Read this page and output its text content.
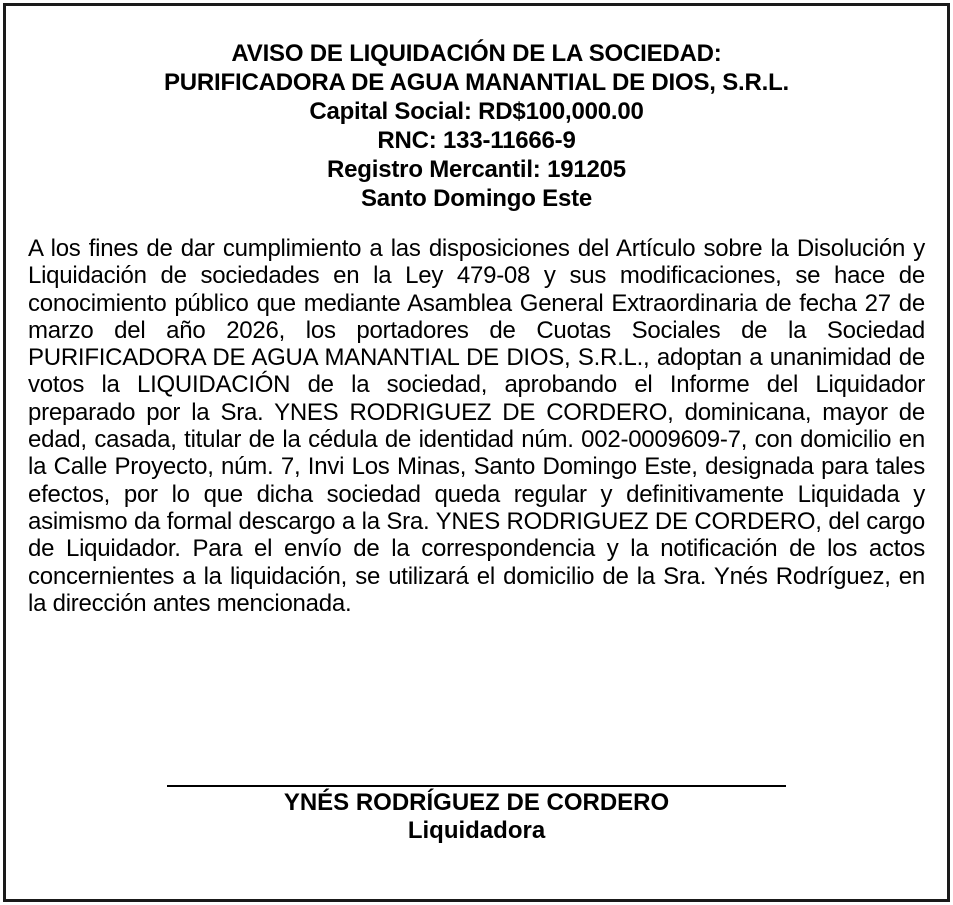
AVISO DE LIQUIDACIÓN DE LA SOCIEDAD:
PURIFICADORA DE AGUA MANANTIAL DE DIOS, S.R.L.
Capital Social: RD$100,000.00
RNC: 133-11666-9
Registro Mercantil: 191205
Santo Domingo Este
A los fines de dar cumplimiento a las disposiciones del Artículo sobre la Disolución y Liquidación de sociedades en la Ley 479-08 y sus modificaciones, se hace de conocimiento público que mediante Asamblea General Extraordinaria de fecha 27 de marzo del año 2026, los portadores de Cuotas Sociales de la Sociedad PURIFICADORA DE AGUA MANANTIAL DE DIOS, S.R.L., adoptan a unanimidad de votos la LIQUIDACIÓN de la sociedad, aprobando el Informe del Liquidador preparado por la Sra. YNES RODRIGUEZ DE CORDERO, dominicana, mayor de edad, casada, titular de la cédula de identidad núm. 002-0009609-7, con domicilio en la Calle Proyecto, núm. 7, Invi Los Minas, Santo Domingo Este, designada para tales efectos, por lo que dicha sociedad queda regular y definitivamente Liquidada y asimismo da formal descargo a la Sra. YNES RODRIGUEZ DE CORDERO, del cargo de Liquidador. Para el envío de la correspondencia y la notificación de los actos concernientes a la liquidación, se utilizará el domicilio de la Sra. Ynés Rodríguez, en la dirección antes mencionada.
YNÉS RODRÍGUEZ DE CORDERO
Liquidadora
